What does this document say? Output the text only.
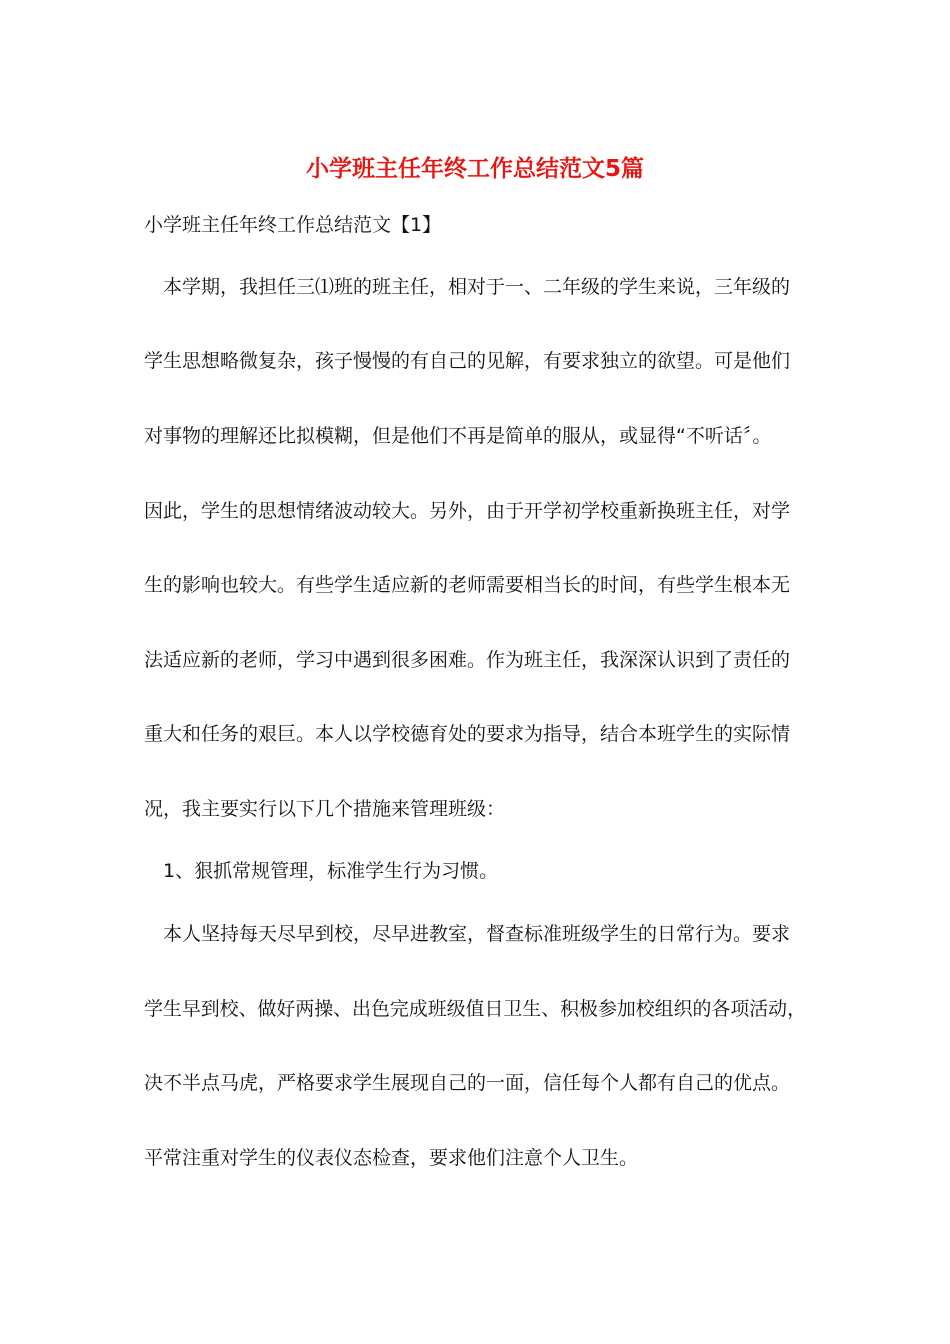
小学班主任年终工作总结范文5篇
小学班主任年终工作总结范文【1】
　本学期，我担任三⑴班的班主任，相对于一、二年级的学生来说，三年级的
学生思想略微复杂，孩子慢慢的有自己的见解，有要求独立的欲望。可是他们
对事物的理解还比拟模糊，但是他们不再是简单的服从，或显得“不听话〞。
因此，学生的思想情绪波动较大。另外，由于开学初学校重新换班主任，对学
生的影响也较大。有些学生适应新的老师需要相当长的时间，有些学生根本无
法适应新的老师，学习中遇到很多困难。作为班主任，我深深认识到了责任的
重大和任务的艰巨。本人以学校德育处的要求为指导，结合本班学生的实际情
况，我主要实行以下几个措施来管理班级：
　1、狠抓常规管理，标准学生行为习惯。
　本人坚持每天尽早到校，尽早进教室，督查标准班级学生的日常行为。要求
学生早到校、做好两操、出色完成班级值日卫生、积极参加校组织的各项活动，
决不半点马虎，严格要求学生展现自己的一面，信任每个人都有自己的优点。
平常注重对学生的仪表仪态检查，要求他们注意个人卫生。
